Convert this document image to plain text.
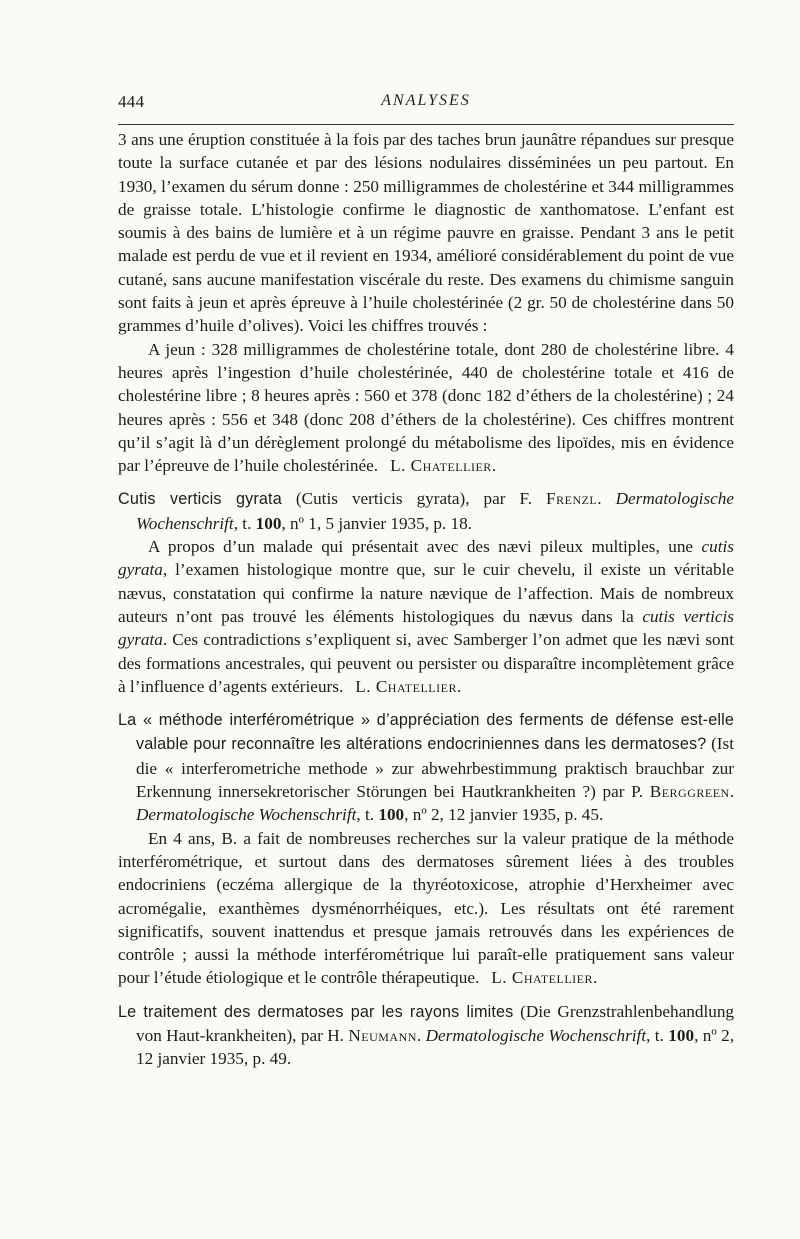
444	ANALYSES

3 ans une éruption constituée à la fois par des taches brun jaunâtre répandues sur presque toute la surface cutanée et par des lésions nodulaires disséminées un peu partout. En 1930, l’examen du sérum donne : 250 milligrammes de cholestérine et 344 milligrammes de graisse totale. L’histologie confirme le diagnostic de xanthomatose. L’enfant est soumis à des bains de lumière et à un régime pauvre en graisse. Pendant 3 ans le petit malade est perdu de vue et il revient en 1934, amélioré considérablement du point de vue cutané, sans aucune manifestation viscérale du reste. Des examens du chimisme sanguin sont faits à jeun et après épreuve à l’huile cholestérinée (2 gr. 50 de cholestérine dans 50 grammes d’huile d’olives). Voici les chiffres trouvés :

A jeun : 328 milligrammes de cholestérine totale, dont 280 de cholestérine libre. 4 heures après l’ingestion d’huile cholestérinée, 440 de cholestérine totale et 416 de cholestérine libre ; 8 heures après : 560 et 378 (donc 182 d’éthers de la cholestérine) ; 24 heures après : 556 et 348 (donc 208 d’éthers de la cholestérine). Ces chiffres montrent qu’il s’agit là d’un dérèglement prolongé du métabolisme des lipoïdes, mis en évidence par l’épreuve de l’huile cholestérinée. L. Chatellier.

Cutis verticis gyrata (Cutis verticis gyrata), par F. Frenzl. Dermatologische Wochenschrift, t. 100, nº 1, 5 janvier 1935, p. 18.

A propos d’un malade qui présentait avec des nævi pileux multiples, une cutis gyrata, l’examen histologique montre que, sur le cuir chevelu, il existe un véritable nævus, constatation qui confirme la nature nævique de l’affection. Mais de nombreux auteurs n’ont pas trouvé les éléments histologiques du nævus dans la cutis verticis gyrata. Ces contradictions s’expliquent si, avec Samberger l’on admet que les nævi sont des formations ancestrales, qui peuvent ou persister ou disparaître incomplètement grâce à l’influence d’agents extérieurs. L. Chatellier.

La « méthode interférométrique » d’appréciation des ferments de défense est-elle valable pour reconnaître les altérations endocriniennes dans les dermatoses? (Ist die « interferometriche methode » zur abwehrbestimmung praktisch brauchbar zur Erkennung innersekretorischer Störungen bei Hautkrankheiten ?) par P. Berggreen. Dermatologische Wochenschrift, t. 100, nº 2, 12 janvier 1935, p. 45.

En 4 ans, B. a fait de nombreuses recherches sur la valeur pratique de la méthode interférométrique, et surtout dans des dermatoses sûrement liées à des troubles endocriniens (eczéma allergique de la thyréotoxicose, atrophie d’Herxheimer avec acromégalie, exanthèmes dysménorrhéiques, etc.). Les résultats ont été rarement significatifs, souvent inattendus et presque jamais retrouvés dans les expériences de contrôle ; aussi la méthode interférométrique lui paraît-elle pratiquement sans valeur pour l’étude étiologique et le contrôle thérapeutique. L. Chatellier.

Le traitement des dermatoses par les rayons limites (Die Grenzstrahlenbehandlung von Haut-krankheiten), par H. Neumann. Dermatologische Wochenschrift, t. 100, nº 2, 12 janvier 1935, p. 49.
